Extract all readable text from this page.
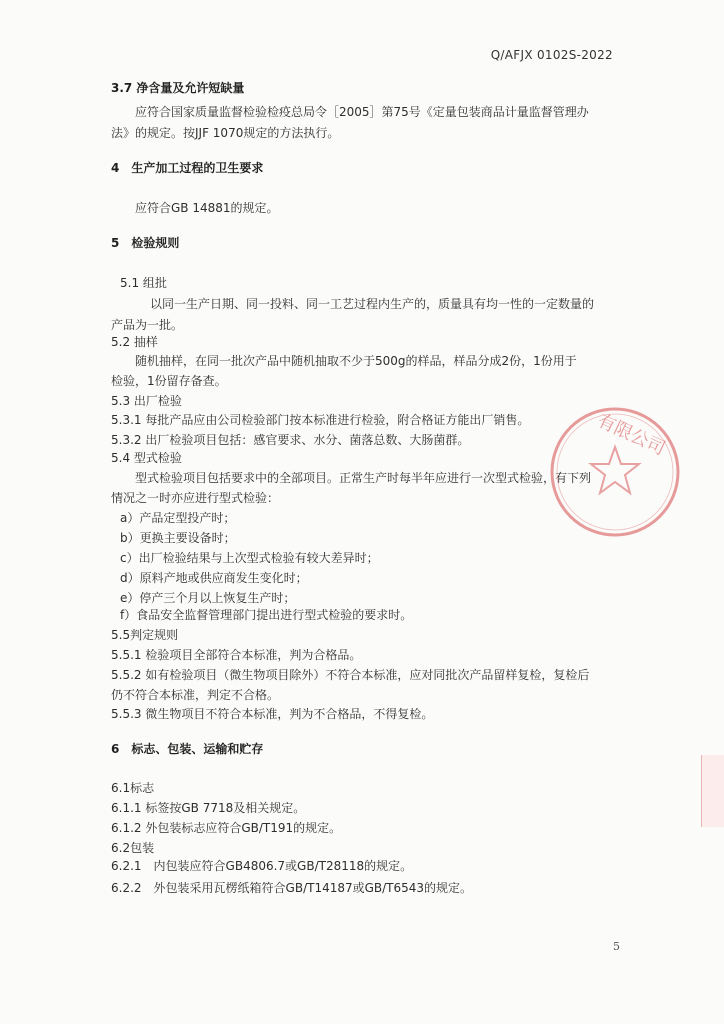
Q/AFJX 0102S-2022
3.7 净含量及允许短缺量
应符合国家质量监督检验检疫总局令［2005］第75号《定量包装商品计量监督管理办
法》的规定。按JJF 1070规定的方法执行。
4　生产加工过程的卫生要求
应符合GB 14881的规定。
5　检验规则
5.1 组批
以同一生产日期、同一投料、同一工艺过程内生产的，质量具有均一性的一定数量的
产品为一批。
5.2 抽样
随机抽样，在同一批次产品中随机抽取不少于500g的样品，样品分成2份，1份用于
检验，1份留存备查。
5.3 出厂检验
5.3.1 每批产品应由公司检验部门按本标准进行检验，附合格证方能出厂销售。
5.3.2 出厂检验项目包括：感官要求、水分、菌落总数、大肠菌群。
5.4 型式检验
型式检验项目包括要求中的全部项目。正常生产时每半年应进行一次型式检验，有下列
情况之一时亦应进行型式检验：
a）产品定型投产时；
b）更换主要设备时；
c）出厂检验结果与上次型式检验有较大差异时；
d）原料产地或供应商发生变化时；
e）停产三个月以上恢复生产时；
f）食品安全监督管理部门提出进行型式检验的要求时。
5.5判定规则
5.5.1 检验项目全部符合本标准，判为合格品。
5.5.2 如有检验项目（微生物项目除外）不符合本标准，应对同批次产品留样复检，复检后
仍不符合本标准，判定不合格。
5.5.3 微生物项目不符合本标准，判为不合格品，不得复检。
6　标志、包装、运输和贮存
6.1标志
6.1.1 标签按GB 7718及相关规定。
6.1.2 外包装标志应符合GB/T191的规定。
6.2包装
6.2.1　内包装应符合GB4806.7或GB/T28118的规定。
6.2.2　外包装采用瓦楞纸箱符合GB/T14187或GB/T6543的规定。
5
有限公司
